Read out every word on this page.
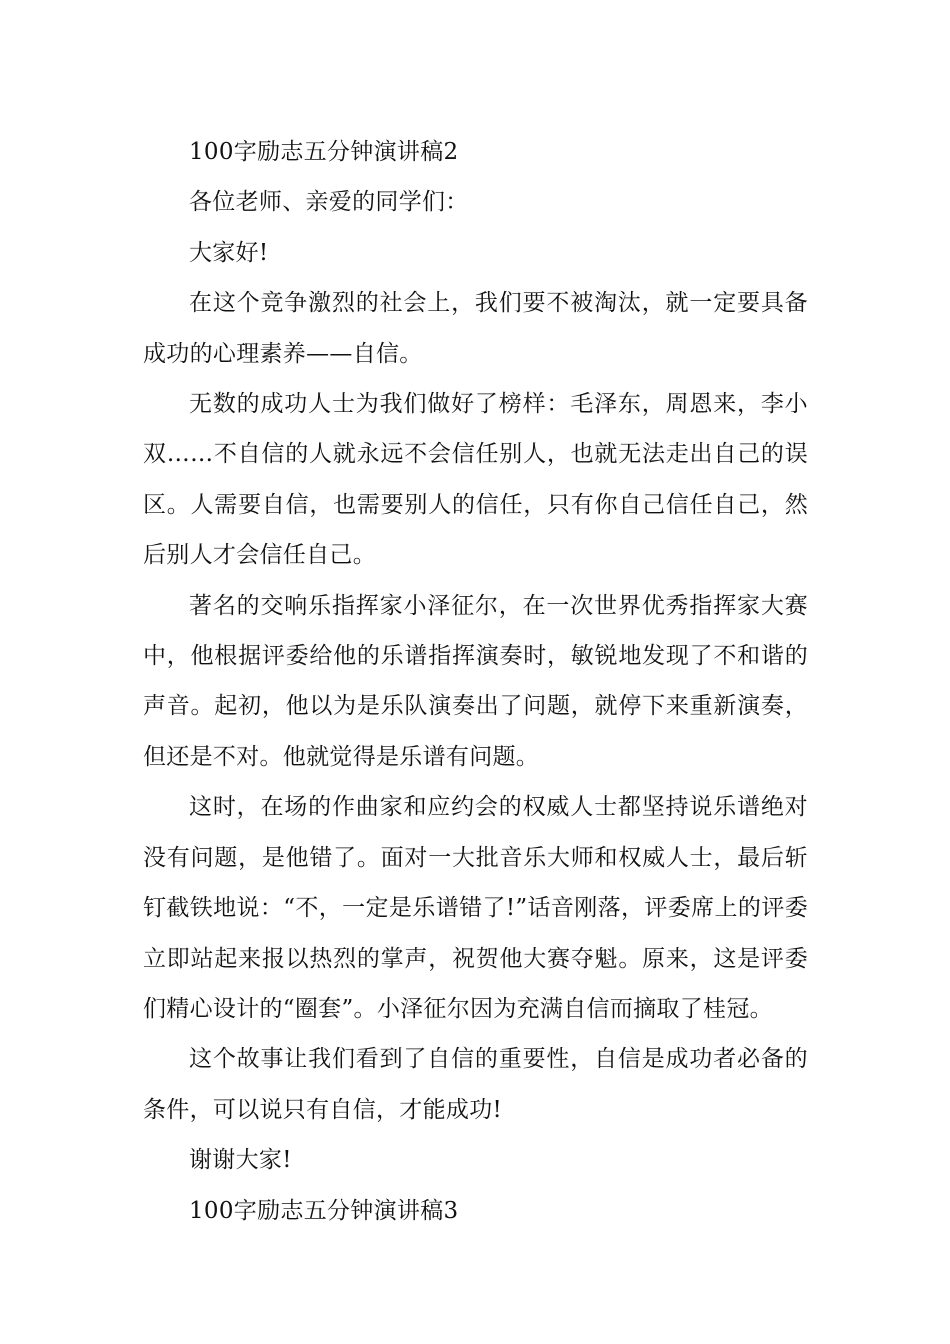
100字励志五分钟演讲稿2

各位老师、亲爱的同学们：

大家好!

在这个竞争激烈的社会上，我们要不被淘汰，就一定要具备成功的心理素养——自信。

无数的成功人士为我们做好了榜样：毛泽东，周恩来，李小双……不自信的人就永远不会信任别人，也就无法走出自己的误区。人需要自信，也需要别人的信任，只有你自己信任自己，然后别人才会信任自己。

著名的交响乐指挥家小泽征尔，在一次世界优秀指挥家大赛中，他根据评委给他的乐谱指挥演奏时，敏锐地发现了不和谐的声音。起初，他以为是乐队演奏出了问题，就停下来重新演奏，但还是不对。他就觉得是乐谱有问题。

这时，在场的作曲家和应约会的权威人士都坚持说乐谱绝对没有问题，是他错了。面对一大批音乐大师和权威人士，最后斩钉截铁地说：“不，一定是乐谱错了!”话音刚落，评委席上的评委立即站起来报以热烈的掌声，祝贺他大赛夺魁。原来，这是评委们精心设计的“圈套”。小泽征尔因为充满自信而摘取了桂冠。

这个故事让我们看到了自信的重要性，自信是成功者必备的条件，可以说只有自信，才能成功!

谢谢大家!

100字励志五分钟演讲稿3
